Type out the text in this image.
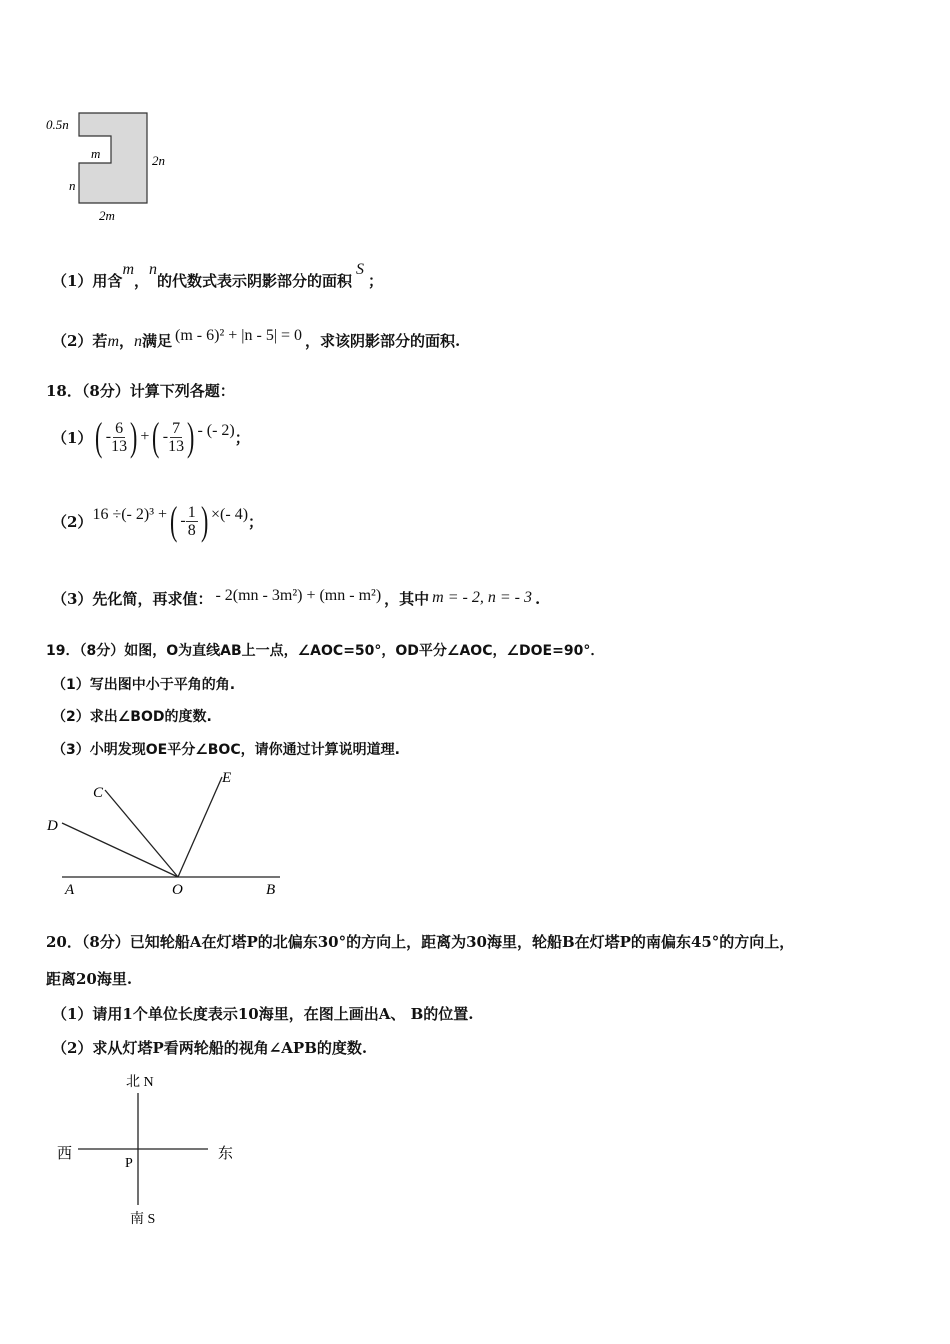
0.5n
m	2n
n
2m
（1）用含m，n的代数式表示阴影部分的面积S；
（2）若m，n满足 (m - 6)² + |n - 5| = 0 ，求该阴影部分的面积.
18．（8分）计算下列各题：
（1） ( - $\frac{6}{13}$ ) + ( - $\frac{7}{13}$ ) - (- 2) ；
（2） 16 ÷(- 2)³ + ( - $\frac{1}{8}$ ) ×(- 4) ；
（3）先化简，再求值： - 2(mn - 3m²) + (mn - m²) ，其中 m = - 2, n = - 3 .
19．（8分）如图，O为直线AB上一点，∠AOC=50°，OD平分∠AOC，∠DOE=90°．
（1）写出图中小于平角的角.
（2）求出∠BOD的度数.
（3）小明发现OE平分∠BOC，请你通过计算说明道理.
C
E
D
A	O	B
20．（8分）已知轮船A在灯塔P的北偏东30°的方向上，距离为30海里，轮船B在灯塔P的南偏东45°的方向上，
距离20海里.
（1）请用1个单位长度表示10海里，在图上画出A、 B的位置.
（2）求从灯塔P看两轮船的视角∠APB的度数.
北 N
西	东
P
南 S
